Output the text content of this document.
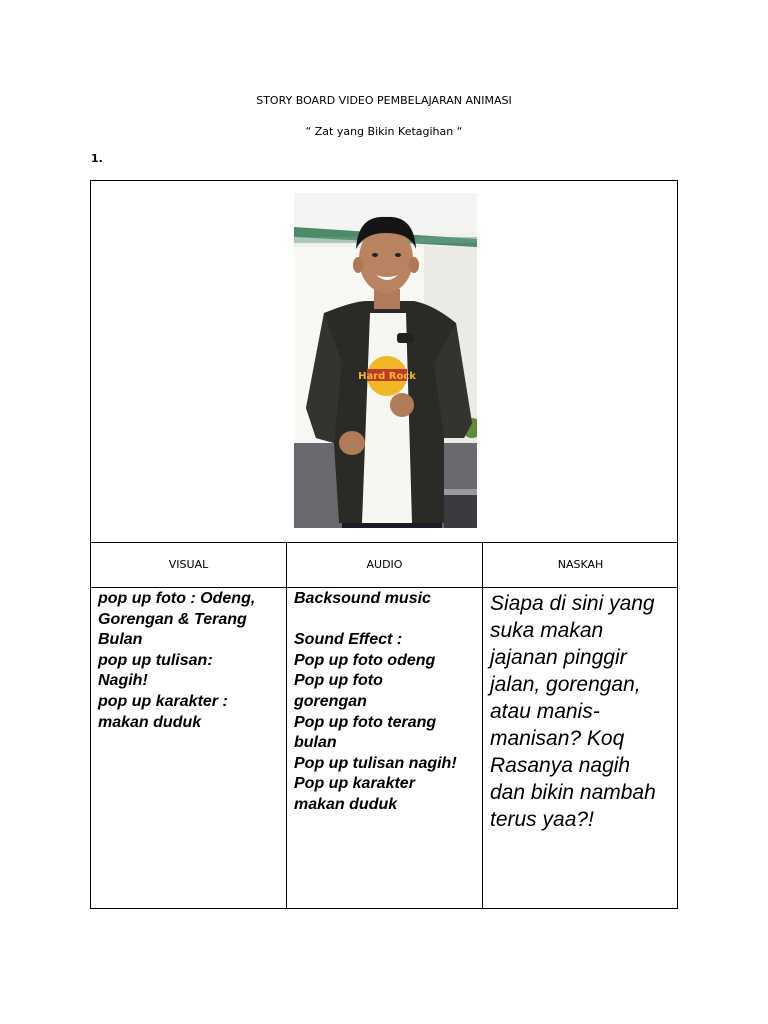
STORY BOARD VIDEO PEMBELAJARAN ANIMASI
“ Zat yang Bikin Ketagihan “
1.
Hard Rock
VISUAL	AUDIO	NASKAH
pop up foto : Odeng,
Gorengan & Terang
Bulan
pop up tulisan:
Nagih!
pop up karakter :
makan duduk
Backsound music
Sound Effect :
Pop up foto odeng
Pop up foto
gorengan
Pop up foto terang
bulan
Pop up tulisan nagih!
Pop up karakter
makan duduk
Siapa di sini yang
suka makan
jajanan pinggir
jalan, gorengan,
atau manis-
manisan? Koq
Rasanya nagih
dan bikin nambah
terus yaa?!
